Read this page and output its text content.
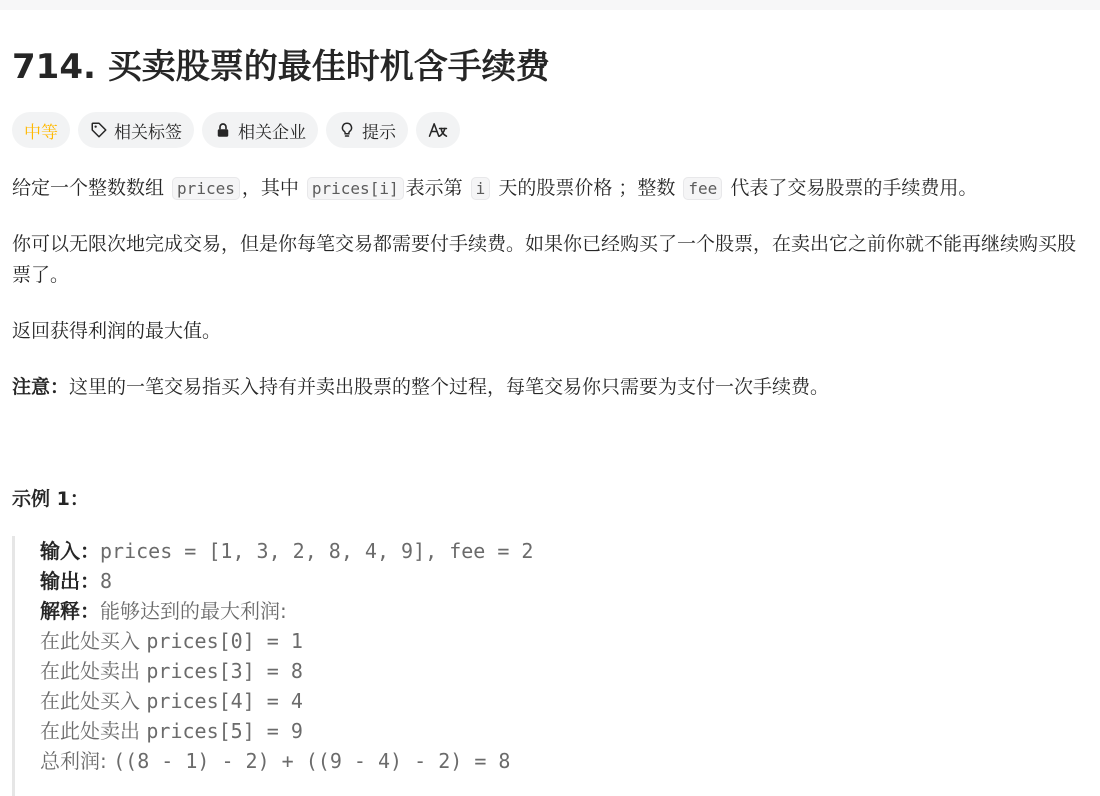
714. 买卖股票的最佳时机含手续费
中等	相关标签	相关企业	提示

给定一个整数数组 prices ，其中 prices[i] 表示第 i 天的股票价格 ；整数 fee 代表了交易股票的手续费用。

你可以无限次地完成交易，但是你每笔交易都需要付手续费。如果你已经购买了一个股票，在卖出它之前你就不能再继续购买股票了。

返回获得利润的最大值。

注意：这里的一笔交易指买入持有并卖出股票的整个过程，每笔交易你只需要为支付一次手续费。

示例 1：

输入：prices = [1, 3, 2, 8, 4, 9], fee = 2
输出：8
解释：能够达到的最大利润:
在此处买入 prices[0] = 1
在此处卖出 prices[3] = 8
在此处买入 prices[4] = 4
在此处卖出 prices[5] = 9
总利润: ((8 - 1) - 2) + ((9 - 4) - 2) = 8
